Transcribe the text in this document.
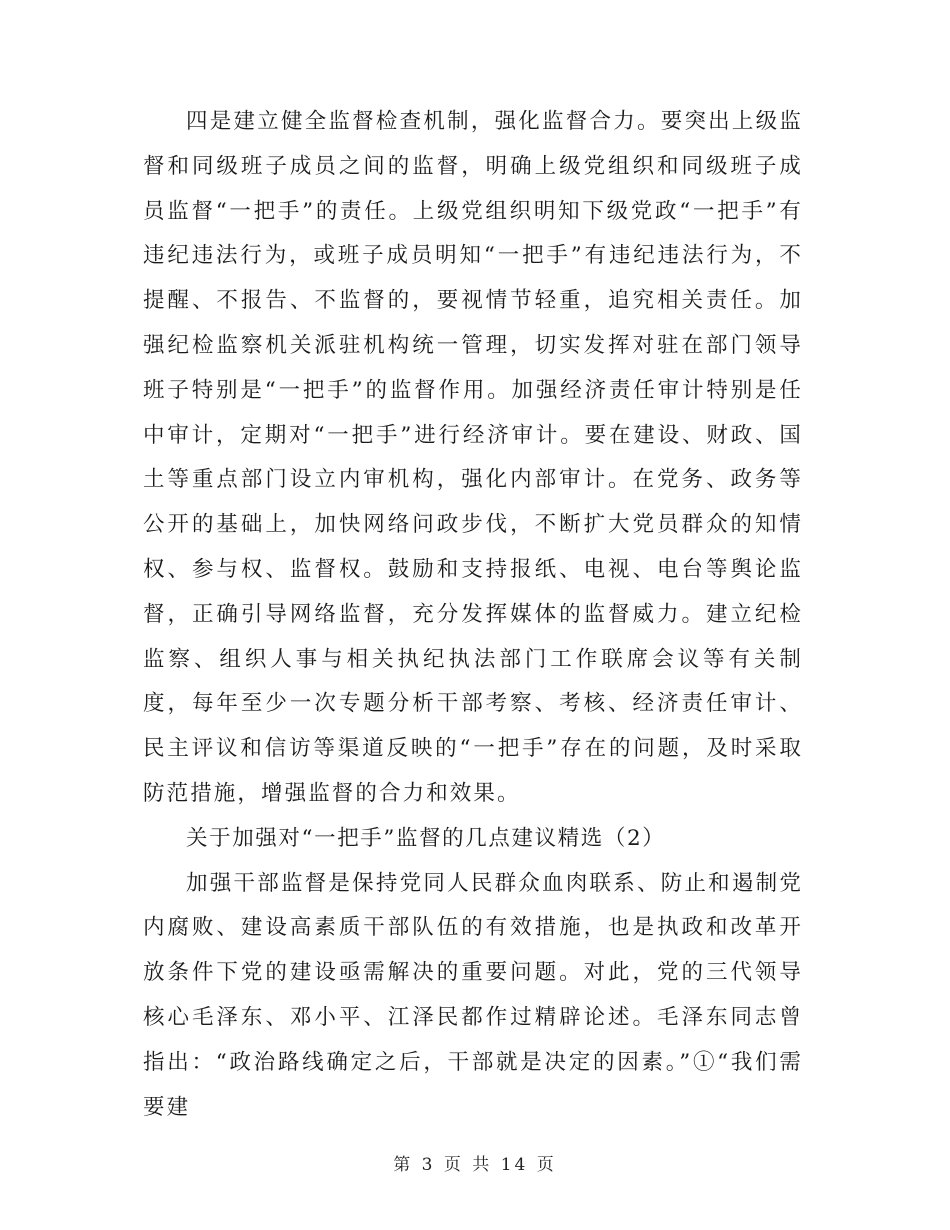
四是建立健全监督检查机制，强化监督合力。要突出上级监督和同级班子成员之间的监督，明确上级党组织和同级班子成员监督“一把手”的责任。上级党组织明知下级党政“一把手”有违纪违法行为，或班子成员明知“一把手”有违纪违法行为，不提醒、不报告、不监督的，要视情节轻重，追究相关责任。加强纪检监察机关派驻机构统一管理，切实发挥对驻在部门领导班子特别是“一把手”的监督作用。加强经济责任审计特别是任中审计，定期对“一把手”进行经济审计。要在建设、财政、国土等重点部门设立内审机构，强化内部审计。在党务、政务等公开的基础上，加快网络问政步伐，不断扩大党员群众的知情权、参与权、监督权。鼓励和支持报纸、电视、电台等舆论监督，正确引导网络监督，充分发挥媒体的监督威力。建立纪检监察、组织人事与相关执纪执法部门工作联席会议等有关制度，每年至少一次专题分析干部考察、考核、经济责任审计、民主评议和信访等渠道反映的“一把手”存在的问题，及时采取防范措施，增强监督的合力和效果。

关于加强对“一把手”监督的几点建议精选（2）

加强干部监督是保持党同人民群众血肉联系、防止和遏制党内腐败、建设高素质干部队伍的有效措施，也是执政和改革开放条件下党的建设亟需解决的重要问题。对此，党的三代领导核心毛泽东、邓小平、江泽民都作过精辟论述。毛泽东同志曾指出：“政治路线确定之后，干部就是决定的因素。”①“我们需要建

第 3 页 共 14 页
